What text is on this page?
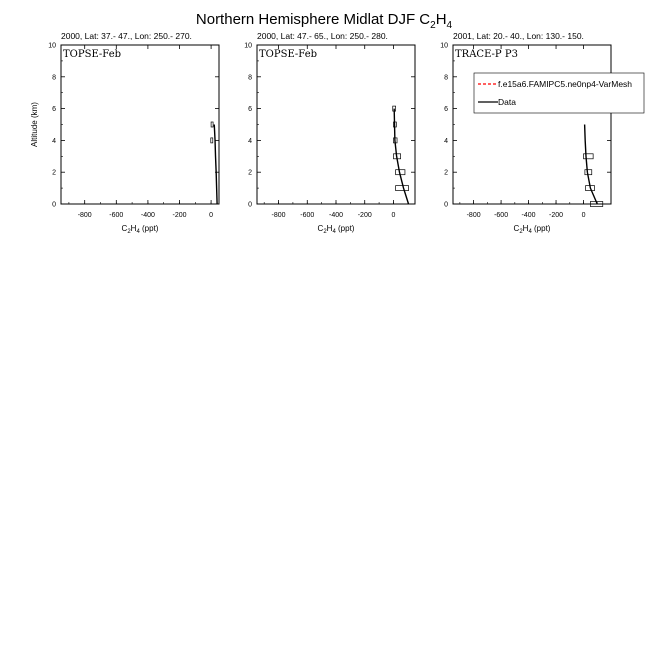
Northern Hemisphere Midlat DJF $C_2H_4$
2000, Lat: 37.- 47., Lon: 250.- 270.
-800	-600	-400	-200	0
0
2
4
6
8
10
$C_2H_4$ (ppt)
Altitude (km)
TOPSE-Feb
2000, Lat: 47.- 65., Lon: 250.- 280.
-800 -600 -400 -200	0
0
2
4
6
8
10
$C_2H_4$ (ppt)
TOPSE-Feb
2001, Lat: 20.- 40., Lon: 130.- 150.
-800 -600 -400 -200	0
0
2
4
6
8
10
$C_2H_4$ (ppt)
TRACE-P P3
f.e15a6.FAMIPC5.ne0np4-VarMesh
Data
